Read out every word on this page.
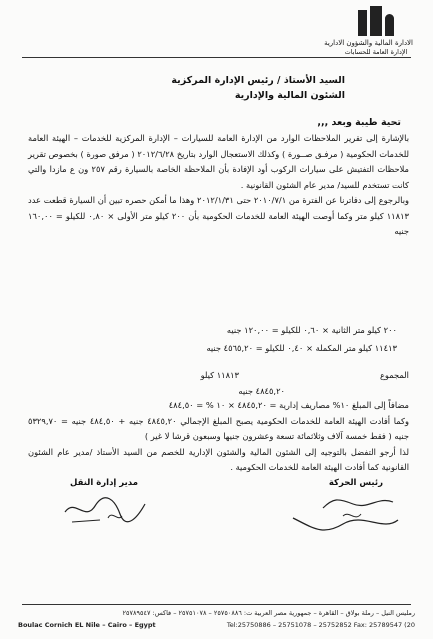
الادارة المالية والشؤون الادارية
الإدارة العامة للحسابات
السيد الأستاذ / رئيس الإدارة المركزية
الشئون المالية والإدارية
تحية طيبة وبعد ,,,

بالإشارة إلى تقرير الملاحظات الوارد من الإدارة العامة للسيارات – الإدارة المركزية للخدمات – الهيئة العامة للخدمات الحكومية ( مرفـق صــورة ) وكذلك الاستعجال الوارد بتاريخ ٢٠١٢/٦/٢٨ ( مرفق صورة ) بخصوص تقرير ملاحظات التفتيش على سيارات الركوب أود الإفادة بأن الملاحظة الخاصة بالسيارة رقم ٢٥٧ ون ع مازدا والتي كانت تستخدم للسيد/ مدير عام الشئون القانونية .

وبالرجوع إلى دفاترنا عن الفترة من ٢٠١٠/٧/١ حتى ٢٠١٢/١/٣١ وهذا ما أمكن حصره تبين أن السيارة قطعت عدد ١١٨١٣ كيلو متر وكما أوصت الهيئة العامة للخدمات الحكومية بأن ٢٠٠ كيلو متر الأولى × ٠,٨٠ للكيلو = ١٦٠,٠٠ جنيه

٢٠٠ كيلو متر الثانية × ٠,٦٠ للكيلو = ١٢٠,٠٠ جنيه
١١٤١٣ كيلو متر المكملة × ٠,٤٠ للكيلو = ٤٥٦٥,٢٠ جنيه
المجموع
١١٨١٣ كيلو
٤٨٤٥,٢٠ جنيه

مضافاً إلى المبلغ ١٠% مصاريف إدارية = ٤٨٤٥,٢٠ × ١٠ % = ٤٨٤,٥٠

وكما أفادت الهيئة العامة للخدمات الحكومية يصبح المبلغ الإجمالي ٤٨٤٥,٢٠ جنيه + ٤٨٤,٥٠ جنيه = ٥٣٢٩,٧٠ جنيه ( فقط خمسة آلاف وثلاثمائة تسعة وعشرون جنيها وسبعون قرشا لا غير )

لذا أرجو التفضل بالتوجيه إلى الشئون المالية والشئون الإدارية للخصم من السيد الأستاذ /مدير عام الشئون القانونية كما أفادت الهيئة العامة للخدمات الحكومية .

مدير إدارة النقل	رئيس الحركة
رمليس النيل – رملة بولاق – القاهرة – جمهورية مصر العربية ت: ٢٥٧٥٠٨٨٦ – ٢٥٧٥١٠٧٨ – فاكس: ٢٥٧٨٩٥٤٧
Boulac Cornich EL Nile – Cairo – Egypt	Tel:25750886 – 25751078 – 25752852 Fax: 25789547 (20
